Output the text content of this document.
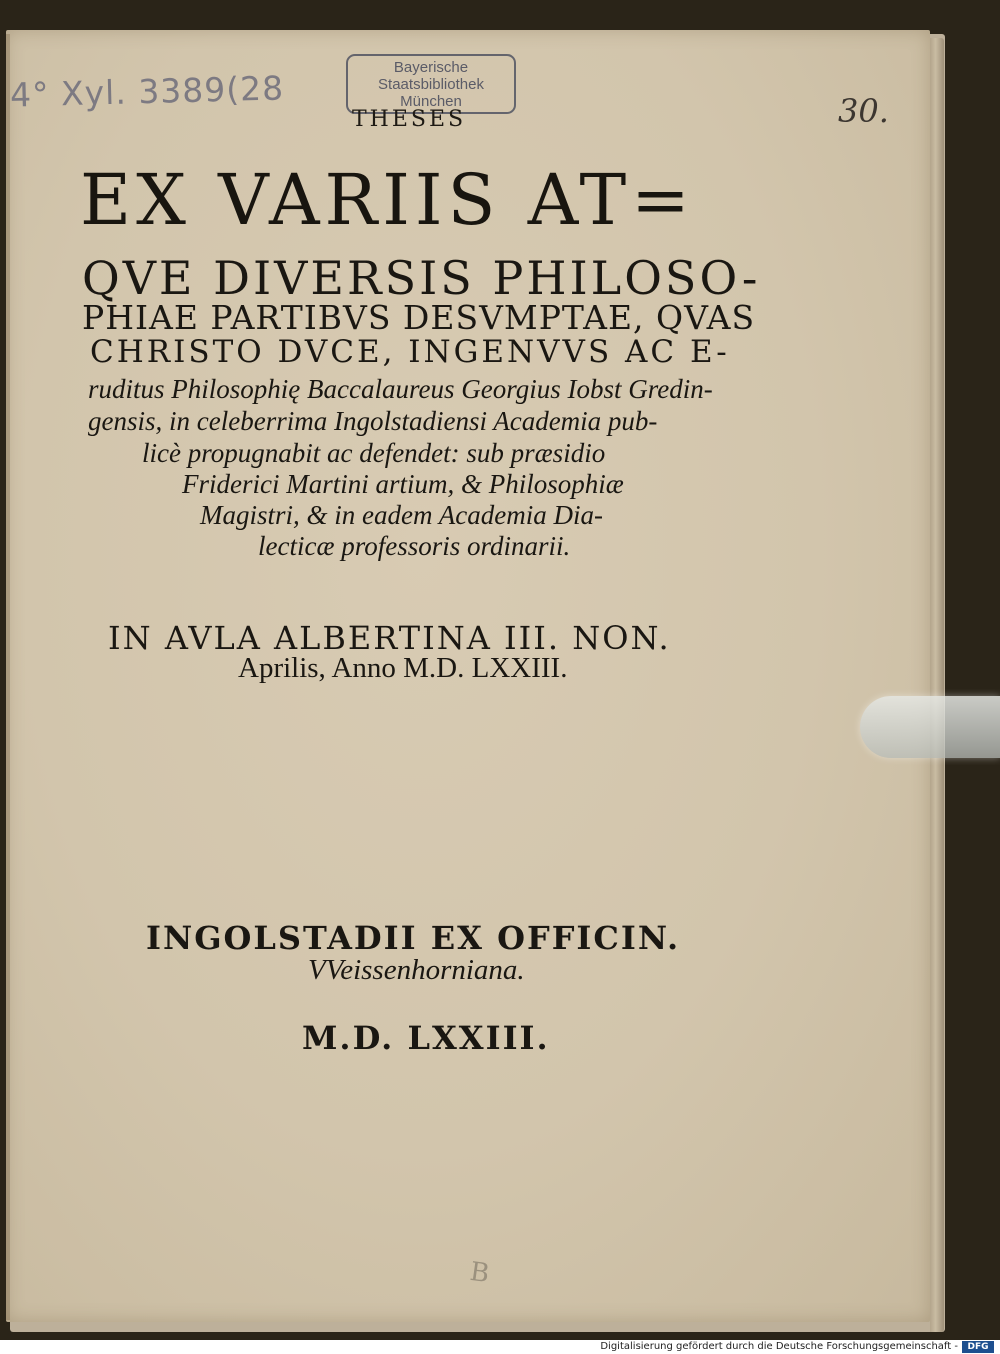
4° Xyl. 3389(28	30.
Bayerische
Staatsbibliothek
München
THESES
EX VARIIS AT=
QVE DIVERSIS PHILOSO-
PHIAE PARTIBVS DESVMPTAE, QVAS
CHRISTO DVCE, INGENVVS AC E-
ruditus Philosophię Baccalaureus Georgius Iobst Gredin-
gensis, in celeberrima Ingolstadiensi Academia pub-
licè propugnabit ac defendet: sub præsidio
Friderici Martini artium, & Philosophiæ
Magistri, & in eadem Academia Dia-
lecticæ professoris ordinarii.
IN AVLA ALBERTINA III. NON.
Aprilis, Anno M.D. LXXIII.
INGOLSTADII EX OFFICIN.
VVeissenhorniana.
M.D. LXXIII.
B
Digitalisierung gefördert durch die Deutsche Forschungsgemeinschaft -	DFG
